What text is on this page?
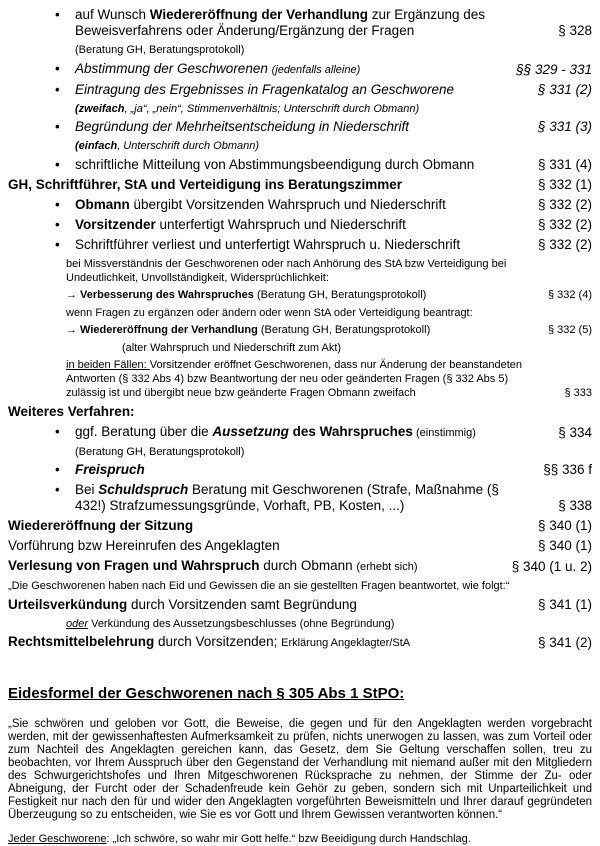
• auf Wunsch Wiedereröffnung der Verhandlung zur Ergänzung des Beweisverfahrens oder Änderung/Ergänzung der Fragen	§ 328
(Beratung GH, Beratungsprotokoll)
• Abstimmung der Geschworenen (jedenfalls alleine)	§§ 329 - 331
• Eintragung des Ergebnisses in Fragenkatalog an Geschworene	§ 331 (2)
(zweifach, „ja“, „nein“, Stimmenverhältnis; Unterschrift durch Obmann)
• Begründung der Mehrheitsentscheidung in Niederschrift	§ 331 (3)
(einfach, Unterschrift durch Obmann)
• schriftliche Mitteilung von Abstimmungsbeendigung durch Obmann	§ 331 (4)
GH, Schriftführer, StA und Verteidigung ins Beratungszimmer	§ 332 (1)
• Obmann übergibt Vorsitzenden Wahrspruch und Niederschrift	§ 332 (2)
• Vorsitzender unterfertigt Wahrspruch und Niederschrift	§ 332 (2)
• Schriftführer verliest und unterfertigt Wahrspruch u. Niederschrift	§ 332 (2)
bei Missverständnis der Geschworenen oder nach Anhörung des StA bzw Verteidigung bei Undeutlichkeit, Unvollständigkeit, Widersprüchlichkeit:
→ Verbesserung des Wahrspruches (Beratung GH, Beratungsprotokoll)	§ 332 (4)
wenn Fragen zu ergänzen oder ändern oder wenn StA oder Verteidigung beantragt:
→ Wiedereröffnung der Verhandlung (Beratung GH, Beratungsprotokoll)	§ 332 (5)
(alter Wahrspruch und Niederschrift zum Akt)
in beiden Fällen: Vorsitzender eröffnet Geschworenen, dass nur Änderung der beanstandeten Antworten (§ 332 Abs 4) bzw Beantwortung der neu oder geänderten Fragen (§ 332 Abs 5) zulässig ist und übergibt neue bzw geänderte Fragen Obmann zweifach	§ 333
Weiteres Verfahren:
• ggf. Beratung über die Aussetzung des Wahrspruches (einstimmig)	§ 334
(Beratung GH, Beratungsprotokoll)
• Freispruch	§§ 336 f
• Bei Schuldspruch Beratung mit Geschworenen (Strafe, Maßnahme (§ 432!) Strafzumessungsgründe, Vorhaft, PB, Kosten, ...)	§ 338
Wiedereröffnung der Sitzung	§ 340 (1)
Vorführung bzw Hereinrufen des Angeklagten	§ 340 (1)
Verlesung von Fragen und Wahrspruch durch Obmann (erhebt sich)	§ 340 (1 u. 2)
„Die Geschworenen haben nach Eid und Gewissen die an sie gestellten Fragen beantwortet, wie folgt:“
Urteilsverkündung durch Vorsitzenden samt Begründung	§ 341 (1)
oder Verkündung des Aussetzungsbeschlusses (ohne Begründung)
Rechtsmittelbelehrung durch Vorsitzenden; Erklärung Angeklagter/StA	§ 341 (2)
Eidesformel der Geschworenen nach § 305 Abs 1 StPO:
„Sie schwören und geloben vor Gott, die Beweise, die gegen und für den Angeklagten werden vorgebracht werden, mit der gewissenhaftesten Aufmerksamkeit zu prüfen, nichts unerwogen zu lassen, was zum Vorteil oder zum Nachteil des Angeklagten gereichen kann, das Gesetz, dem Sie Geltung verschaffen sollen, treu zu beobachten, vor Ihrem Ausspruch über den Gegenstand der Verhandlung mit niemand außer mit den Mitgliedern des Schwurgerichtshofes und Ihren Mitgeschworenen Rücksprache zu nehmen, der Stimme der Zu- oder Abneigung, der Furcht oder der Schadenfreude kein Gehör zu geben, sondern sich mit Unparteilichkeit und Festigkeit nur nach den für und wider den Angeklagten vorgeführten Beweismitteln und Ihrer darauf gegründeten Überzeugung so zu entscheiden, wie Sie es vor Gott und Ihrem Gewissen verantworten können.“
Jeder Geschworene: „Ich schwöre, so wahr mir Gott helfe.“ bzw Beeidigung durch Handschlag.
